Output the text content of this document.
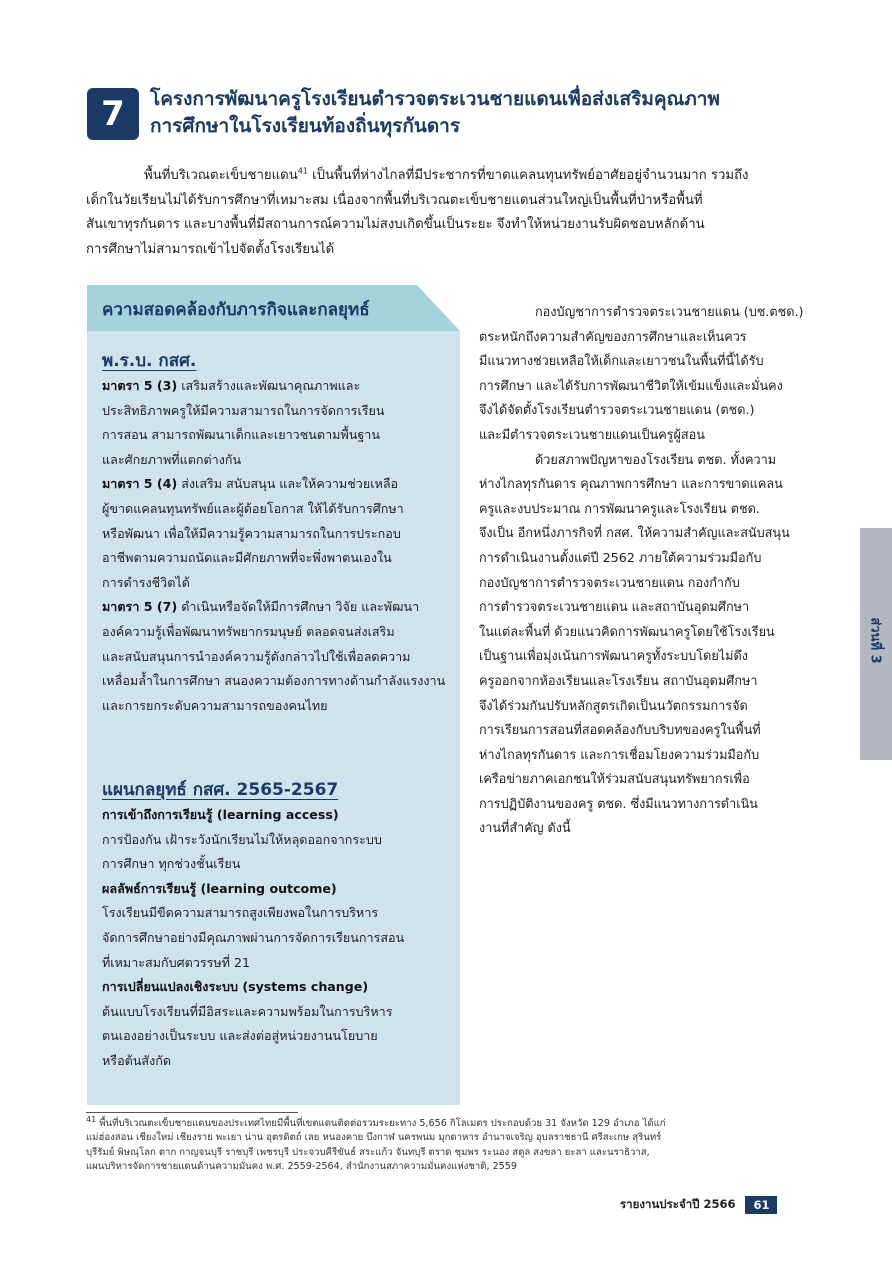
7 โครงการพัฒนาครูโรงเรียนตำรวจตระเวนชายแดนเพื่อส่งเสริมคุณภาพ
การศึกษาในโรงเรียนท้องถิ่นทุรกันดาร
พื้นที่บริเวณตะเข็บชายแดน$^{41}$ เป็นพื้นที่ห่างไกลที่มีประชากรที่ขาดแคลนทุนทรัพย์อาศัยอยู่จำนวนมาก รวมถึง
เด็กในวัยเรียนไม่ได้รับการศึกษาที่เหมาะสม เนื่องจากพื้นที่บริเวณตะเข็บชายแดนส่วนใหญ่เป็นพื้นที่ป่าหรือพื้นที่
สันเขาทุรกันดาร และบางพื้นที่มีสถานการณ์ความไม่สงบเกิดขึ้นเป็นระยะ จึงทำให้หน่วยงานรับผิดชอบหลักด้าน
การศึกษาไม่สามารถเข้าไปจัดตั้งโรงเรียนได้
ความสอดคล้องกับภารกิจและกลยุทธ์
พ.ร.บ. กสศ.
มาตรา 5 (3) เสริมสร้างและพัฒนาคุณภาพและ
ประสิทธิภาพครูให้มีความสามารถในการจัดการเรียน
การสอน สามารถพัฒนาเด็กและเยาวชนตามพื้นฐาน
และศักยภาพที่แตกต่างกัน
มาตรา 5 (4) ส่งเสริม สนับสนุน และให้ความช่วยเหลือ
ผู้ขาดแคลนทุนทรัพย์และผู้ด้อยโอกาส ให้ได้รับการศึกษา
หรือพัฒนา เพื่อให้มีความรู้ความสามารถในการประกอบ
อาชีพตามความถนัดและมีศักยภาพที่จะพึ่งพาตนเองใน
การดำรงชีวิตได้
มาตรา 5 (7) ดำเนินหรือจัดให้มีการศึกษา วิจัย และพัฒนา
องค์ความรู้เพื่อพัฒนาทรัพยากรมนุษย์ ตลอดจนส่งเสริม
และสนับสนุนการนำองค์ความรู้ดังกล่าวไปใช้เพื่อลดความ
เหลื่อมล้ำในการศึกษา สนองความต้องการทางด้านกำลังแรงงาน
และการยกระดับความสามารถของคนไทย
แผนกลยุทธ์ กสศ. 2565-2567
การเข้าถึงการเรียนรู้ (learning access)
การป้องกัน เฝ้าระวังนักเรียนไม่ให้หลุดออกจากระบบ
การศึกษา ทุกช่วงชั้นเรียน
ผลลัพธ์การเรียนรู้ (learning outcome)
โรงเรียนมีขีดความสามารถสูงเพียงพอในการบริหาร
จัดการศึกษาอย่างมีคุณภาพผ่านการจัดการเรียนการสอน
ที่เหมาะสมกับศตวรรษที่ 21
การเปลี่ยนแปลงเชิงระบบ (systems change)
ต้นแบบโรงเรียนที่มีอิสระและความพร้อมในการบริหาร
ตนเองอย่างเป็นระบบ และส่งต่อสู่หน่วยงานนโยบาย
หรือต้นสังกัด
กองบัญชาการตำรวจตระเวนชายแดน (บช.ตชด.)
ตระหนักถึงความสำคัญของการศึกษาและเห็นควร
มีแนวทางช่วยเหลือให้เด็กและเยาวชนในพื้นที่นี้ได้รับ
การศึกษา และได้รับการพัฒนาชีวิตให้เข้มแข็งและมั่นคง
จึงได้จัดตั้งโรงเรียนตำรวจตระเวนชายแดน (ตชด.)
และมีตำรวจตระเวนชายแดนเป็นครูผู้สอน
ด้วยสภาพปัญหาของโรงเรียน ตชด. ทั้งความ
ห่างไกลทุรกันดาร คุณภาพการศึกษา และการขาดแคลน
ครูและงบประมาณ การพัฒนาครูและโรงเรียน ตชด.
จึงเป็น อีกหนึ่งภารกิจที่ กสศ. ให้ความสำคัญและสนับสนุน
การดำเนินงานตั้งแต่ปี 2562 ภายใต้ความร่วมมือกับ
กองบัญชาการตำรวจตระเวนชายแดน กองกำกับ
การตำรวจตระเวนชายแดน และสถาบันอุดมศึกษา
ในแต่ละพื้นที่ ด้วยแนวคิดการพัฒนาครูโดยใช้โรงเรียน
เป็นฐานเพื่อมุ่งเน้นการพัฒนาครูทั้งระบบโดยไม่ดึง
ครูออกจากห้องเรียนและโรงเรียน สถาบันอุดมศึกษา
จึงได้ร่วมกันปรับหลักสูตรเกิดเป็นนวัตกรรมการจัด
การเรียนการสอนที่สอดคล้องกับบริบทของครูในพื้นที่
ห่างไกลทุรกันดาร และการเชื่อมโยงความร่วมมือกับ
เครือข่ายภาคเอกชนให้ร่วมสนับสนุนทรัพยากรเพื่อ
การปฏิบัติงานของครู ตชด. ซึ่งมีแนวทางการดำเนิน
งานที่สำคัญ ดังนี้
ส่วนที่ 3
$^{41}$ พื้นที่บริเวณตะเข็บชายแดนของประเทศไทยมีพื้นที่เขตแดนติดต่อรวมระยะทาง 5,656 กิโลเมตร ประกอบด้วย 31 จังหวัด 129 อำเภอ ได้แก่
แม่ฮ่องสอน เชียงใหม่ เชียงราย พะเยา น่าน อุตรดิตถ์ เลย หนองคาย บึงกาฬ นครพนม มุกดาหาร อำนาจเจริญ อุบลราชธานี ศรีสะเกษ สุรินทร์
บุรีรัมย์ พิษณุโลก ตาก กาญจนบุรี ราชบุรี เพชรบุรี ประจวบคีรีขันธ์ สระแก้ว จันทบุรี ตราด ชุมพร ระนอง สตูล สงขลา ยะลา และนราธิวาส,
แผนบริหารจัดการชายแดนด้านความมั่นคง พ.ศ. 2559-2564, สำนักงานสภาความมั่นคงแห่งชาติ, 2559
รายงานประจำปี 2566	61
